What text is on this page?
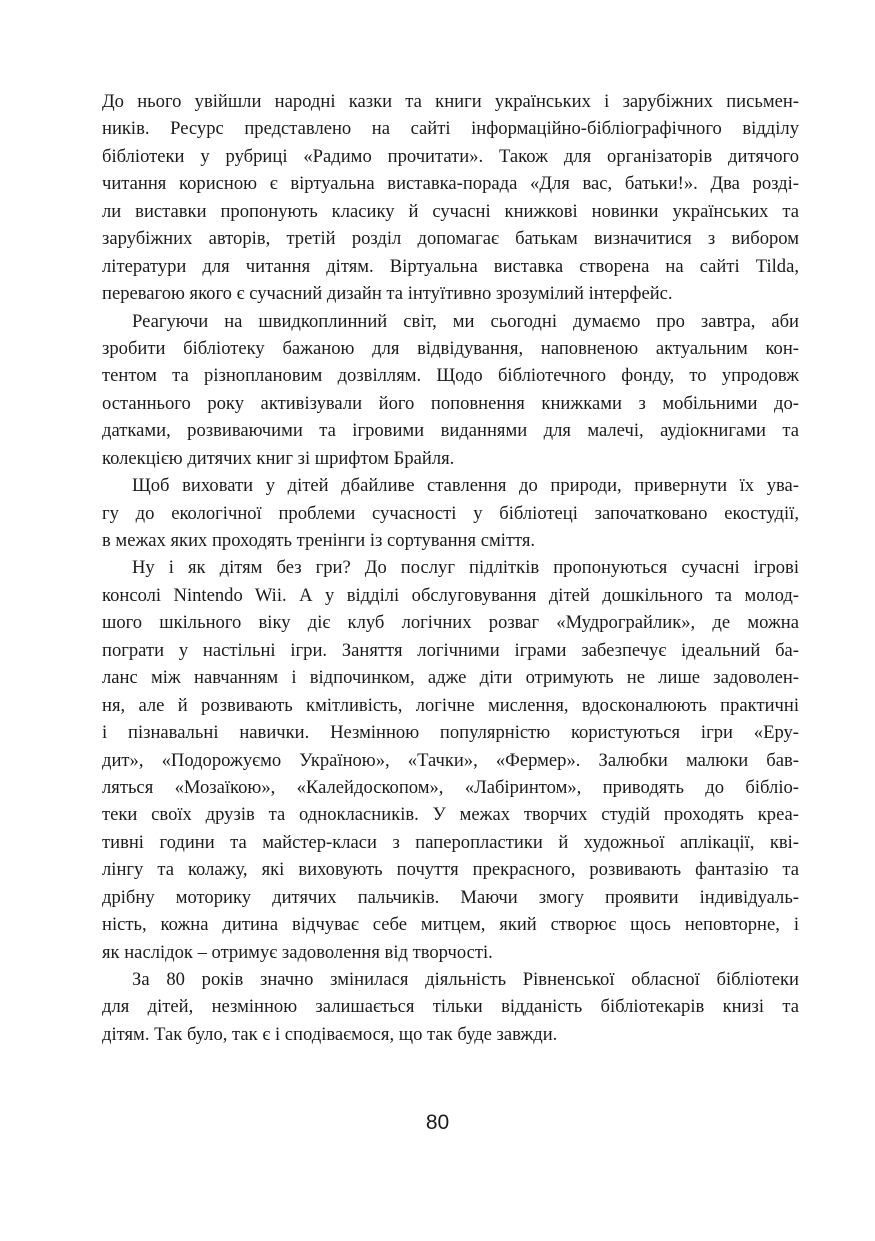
До нього увійшли народні казки та книги українських і зарубіжних письмен-
ників. Ресурс представлено на сайті інформаційно-бібліографічного відділу
бібліотеки у рубриці «Радимо прочитати». Також для організаторів дитячого
читання корисною є віртуальна виставка-порада «Для вас, батьки!». Два розді-
ли виставки пропонують класику й сучасні книжкові новинки українських та
зарубіжних авторів, третій розділ допомагає батькам визначитися з вибором
літератури для читання дітям. Віртуальна виставка створена на сайті Tilda,
перевагою якого є сучасний дизайн та інтуїтивно зрозумілий інтерфейс.
Реагуючи на швидкоплинний світ, ми сьогодні думаємо про завтра, аби
зробити бібліотеку бажаною для відвідування, наповненою актуальним кон-
тентом та різноплановим дозвіллям. Щодо бібліотечного фонду, то упродовж
останнього року активізували його поповнення книжками з мобільними до-
датками, розвиваючими та ігровими виданнями для малечі, аудіокнигами та
колекцією дитячих книг зі шрифтом Брайля.
Щоб виховати у дітей дбайливе ставлення до природи, привернути їх ува-
гу до екологічної проблеми сучасності у бібліотеці започатковано екостудії,
в межах яких проходять тренінги із сортування сміття.
Ну і як дітям без гри? До послуг підлітків пропонуються сучасні ігрові
консолі Nintendo Wii. А у відділі обслуговування дітей дошкільного та молод-
шого шкільного віку діє клуб логічних розваг «Мудрограйлик», де можна
пограти у настільні ігри. Заняття логічними іграми забезпечує ідеальний ба-
ланс між навчанням і відпочинком, адже діти отримують не лише задоволен-
ня, але й розвивають кмітливість, логічне мислення, вдосконалюють практичні
і пізнавальні навички. Незмінною популярністю користуються ігри «Еру-
дит», «Подорожуємо Україною», «Тачки», «Фермер». Залюбки малюки бав-
ляться «Мозаїкою», «Калейдоскопом», «Лабіринтом», приводять до бібліо-
теки своїх друзів та однокласників. У межах творчих студій проходять креа-
тивні години та майстер-класи з паперопластики й художньої аплікації, кві-
лінгу та колажу, які виховують почуття прекрасного, розвивають фантазію та
дрібну моторику дитячих пальчиків. Маючи змогу проявити індивідуаль-
ність, кожна дитина відчуває себе митцем, який створює щось неповторне, і
як наслідок – отримує задоволення від творчості.
За 80 років значно змінилася діяльність Рівненської обласної бібліотеки
для дітей, незмінною залишається тільки відданість бібліотекарів книзі та
дітям. Так було, так є і сподіваємося, що так буде завжди.
80
